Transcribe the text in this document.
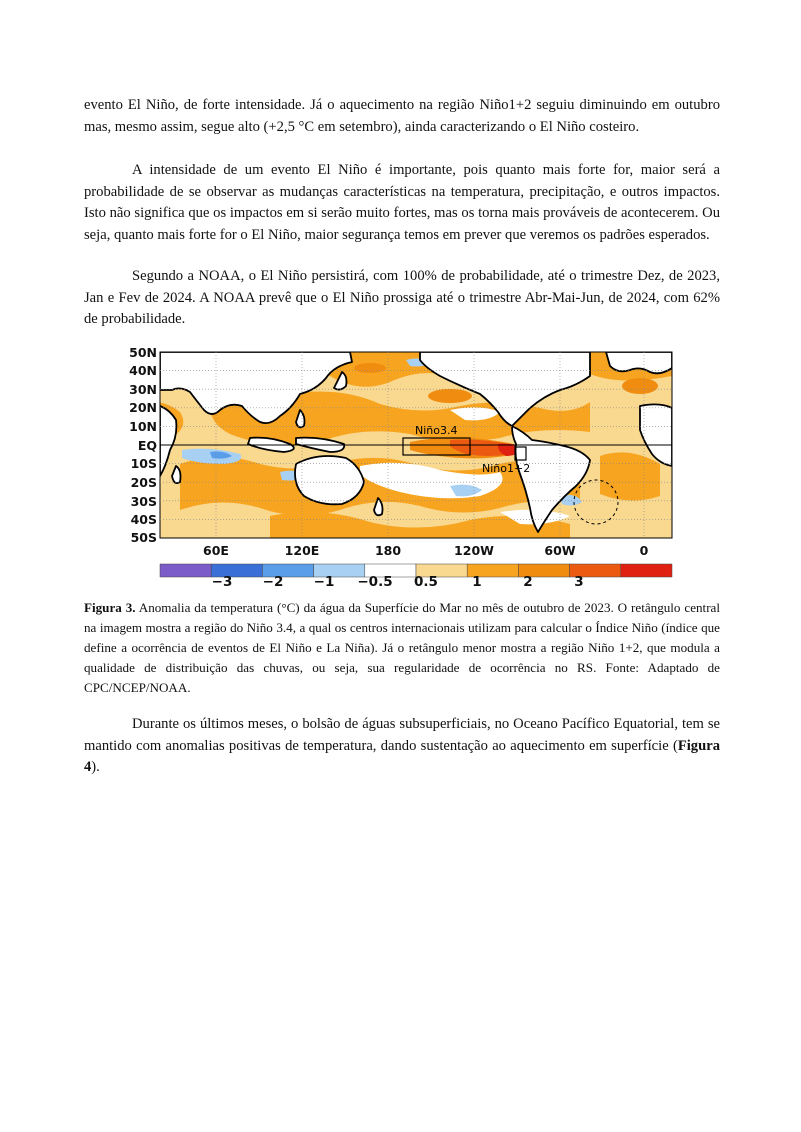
evento El Niño, de forte intensidade. Já o aquecimento na região Niño1+2 seguiu diminuindo em outubro mas, mesmo assim, segue alto (+2,5 °C em setembro), ainda caracterizando o El Niño costeiro.

A intensidade de um evento El Niño é importante, pois quanto mais forte for, maior será a probabilidade de se observar as mudanças características na temperatura, precipitação, e outros impactos. Isto não significa que os impactos em si serão muito fortes, mas os torna mais prováveis de acontecerem. Ou seja, quanto mais forte for o El Niño, maior segurança temos em prever que veremos os padrões esperados.

Segundo a NOAA, o El Niño persistirá, com 100% de probabilidade, até o trimestre Dez, de 2023, Jan e Fev de 2024. A NOAA prevê que o El Niño prossiga até o trimestre Abr-Mai-Jun, de 2024, com 62% de probabilidade.

Niño3.4
Niño1+2
50N
40N
30N
20N
10N
EQ
10S
20S
30S
40S
50S
60E	120E	180	120W	60W	0
−3 −2 −1 −0.5 0.5	1	2	3

Figura 3. Anomalia da temperatura (°C) da água da Superfície do Mar no mês de outubro de 2023. O retângulo central na imagem mostra a região do Niño 3.4, a qual os centros internacionais utilizam para calcular o Índice Niño (índice que define a ocorrência de eventos de El Niño e La Niña). Já o retângulo menor mostra a região Niño 1+2, que modula a qualidade de distribuição das chuvas, ou seja, sua regularidade de ocorrência no RS. Fonte: Adaptado de CPC/NCEP/NOAA.

Durante os últimos meses, o bolsão de águas subsuperficiais, no Oceano Pacífico Equatorial, tem se mantido com anomalias positivas de temperatura, dando sustentação ao aquecimento em superfície (Figura 4).
